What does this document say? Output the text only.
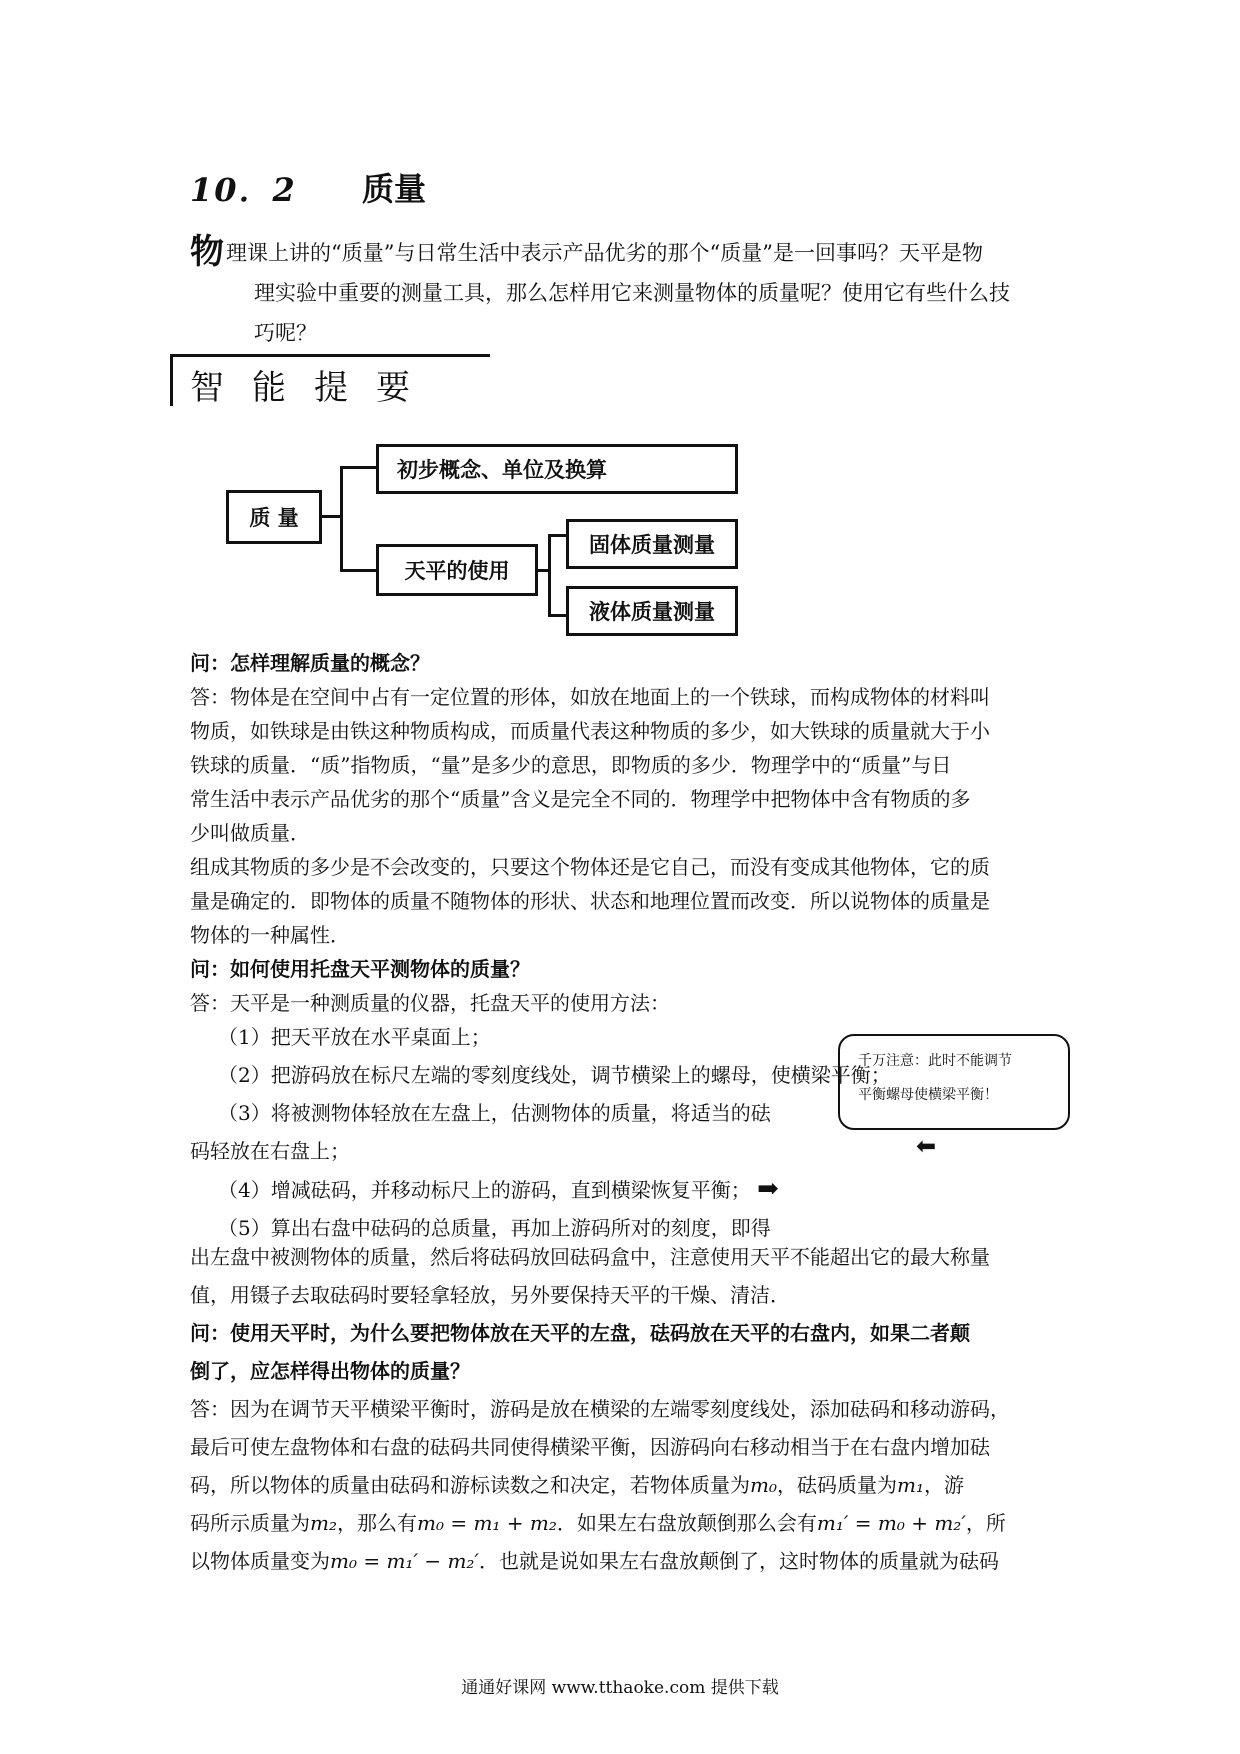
10．2 质量
物理课上讲的“质量”与日常生活中表示产品优劣的那个“质量”是一回事吗？天平是物
理实验中重要的测量工具，那么怎样用它来测量物体的质量呢？使用它有些什么技
巧呢？
智能提要
质 量
初步概念、单位及换算
天平的使用
固体质量测量
液体质量测量
问：怎样理解质量的概念？
答：物体是在空间中占有一定位置的形体，如放在地面上的一个铁球，而构成物体的材料叫
物质，如铁球是由铁这种物质构成，而质量代表这种物质的多少，如大铁球的质量就大于小
铁球的质量．“质”指物质，“量”是多少的意思，即物质的多少．物理学中的“质量”与日
常生活中表示产品优劣的那个“质量”含义是完全不同的．物理学中把物体中含有物质的多
少叫做质量．
组成其物质的多少是不会改变的，只要这个物体还是它自己，而没有变成其他物体，它的质
量是确定的．即物体的质量不随物体的形状、状态和地理位置而改变．所以说物体的质量是
物体的一种属性．
问：如何使用托盘天平测物体的质量？
答：天平是一种测质量的仪器，托盘天平的使用方法：
（1）把天平放在水平桌面上；
（2）把游码放在标尺左端的零刻度线处，调节横梁上的螺母，使横梁平衡；
（3）将被测物体轻放在左盘上，估测物体的质量，将适当的砝
码轻放在右盘上；
（4）增减砝码，并移动标尺上的游码，直到横梁恢复平衡； ➡
（5）算出右盘中砝码的总质量，再加上游码所对的刻度，即得
千万注意：此时不能调节
平衡螺母使横梁平衡！
⬅
出左盘中被测物体的质量，然后将砝码放回砝码盒中，注意使用天平不能超出它的最大称量
值，用镊子去取砝码时要轻拿轻放，另外要保持天平的干燥、清洁．
问：使用天平时，为什么要把物体放在天平的左盘，砝码放在天平的右盘内，如果二者颠
倒了，应怎样得出物体的质量？
答：因为在调节天平横梁平衡时，游码是放在横梁的左端零刻度线处，添加砝码和移动游码，
最后可使左盘物体和右盘的砝码共同使得横梁平衡，因游码向右移动相当于在右盘内增加砝
码，所以物体的质量由砝码和游标读数之和决定，若物体质量为m₀，砝码质量为m₁，游
码所示质量为m₂，那么有m₀ = m₁ + m₂．如果左右盘放颠倒那么会有m₁′ = m₀ + m₂′，所
以物体质量变为m₀ = m₁′ − m₂′．也就是说如果左右盘放颠倒了，这时物体的质量就为砝码
通通好课网 www.tthaoke.com 提供下载
